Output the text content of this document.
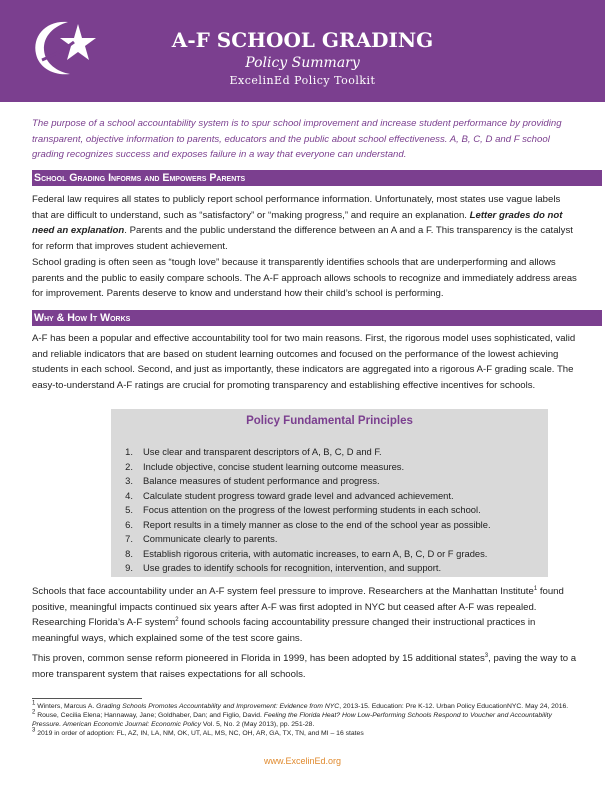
A-F SCHOOL GRADING
Policy Summary
ExcelinEd Policy Toolkit

The purpose of a school accountability system is to spur school improvement and increase student performance by providing transparent, objective information to parents, educators and the public about school effectiveness. A, B, C, D and F school grading recognizes success and exposes failure in a way that everyone can understand.

School Grading Informs and Empowers Parents

Federal law requires all states to publicly report school performance information. Unfortunately, most states use vague labels that are difficult to understand, such as “satisfactory” or “making progress,” and require an explanation. Letter grades do not need an explanation. Parents and the public understand the difference between an A and a F. This transparency is the catalyst for reform that improves student achievement.

School grading is often seen as “tough love” because it transparently identifies schools that are underperforming and allows parents and the public to easily compare schools. The A-F approach allows schools to recognize and immediately address areas for improvement. Parents deserve to know and understand how their child’s school is performing.

Why & How It Works

A-F has been a popular and effective accountability tool for two main reasons. First, the rigorous model uses sophisticated, valid and reliable indicators that are based on student learning outcomes and focused on the performance of the lowest achieving students in each school. Second, and just as importantly, these indicators are aggregated into a rigorous A-F grading scale. The easy-to-understand A-F ratings are crucial for promoting transparency and establishing effective incentives for schools.

Policy Fundamental Principles
1. Use clear and transparent descriptors of A, B, C, D and F.
2. Include objective, concise student learning outcome measures.
3. Balance measures of student performance and progress.
4. Calculate student progress toward grade level and advanced achievement.
5. Focus attention on the progress of the lowest performing students in each school.
6. Report results in a timely manner as close to the end of the school year as possible.
7. Communicate clearly to parents.
8. Establish rigorous criteria, with automatic increases, to earn A, B, C, D or F grades.
9. Use grades to identify schools for recognition, intervention, and support.

Schools that face accountability under an A-F system feel pressure to improve. Researchers at the Manhattan Institute$^1$ found positive, meaningful impacts continued six years after A-F was first adopted in NYC but ceased after A-F was repealed. Researching Florida’s A-F system$^2$ found schools facing accountability pressure changed their instructional practices in meaningful ways, which explained some of the test score gains.

This proven, common sense reform pioneered in Florida in 1999, has been adopted by 15 additional states$^3$, paving the way to a more transparent system that raises expectations for all schools.

$^1$ Winters, Marcus A. Grading Schools Promotes Accountability and Improvement: Evidence from NYC, 2013-15. Education: Pre K-12. Urban Policy EducationNYC. May 24, 2016.

$^2$ Rouse, Cecilia Elena; Hannaway, Jane; Goldhaber, Dan; and Figlio, David. Feeling the Florida Heat? How Low-Performing Schools Respond to Voucher and Accountability Pressure. American Economic Journal: Economic Policy Vol. 5, No. 2 (May 2013), pp. 251-28.

$^3$ 2019 in order of adoption: FL, AZ, IN, LA, NM, OK, UT, AL, MS, NC, OH, AR, GA, TX, TN, and MI – 16 states

www.ExcelinEd.org
